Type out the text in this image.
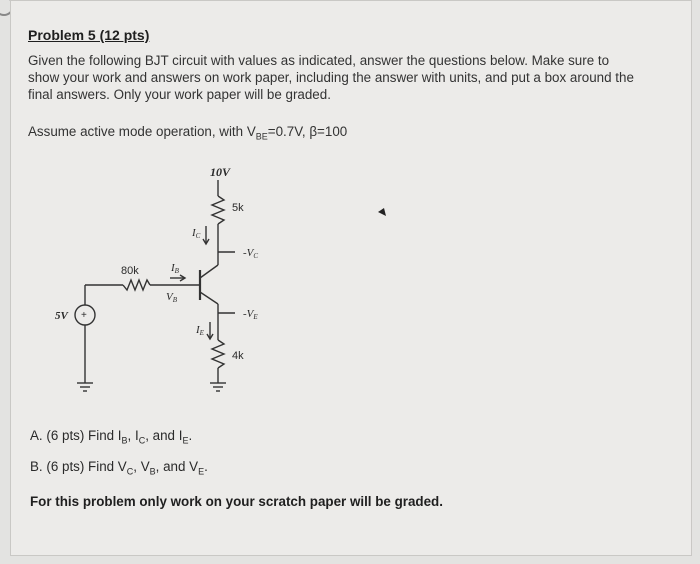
Problem 5 (12 pts)
Given the following BJT circuit with values as indicated, answer the questions below. Make sure to show your work and answers on work paper, including the answer with units, and put a box around the final answers. Only your work paper will be graded.
Assume active mode operation, with $V_{BE}=0.7V$, β=100
10V
5k
4k
80k
5V +
IC
IB
VB
IE
-VC
-VE
A. (6 pts) Find $I_B$, $I_C$, and $I_E$.
B. (6 pts) Find $V_C$, $V_B$, and $V_E$.
For this problem only work on your scratch paper will be graded.
